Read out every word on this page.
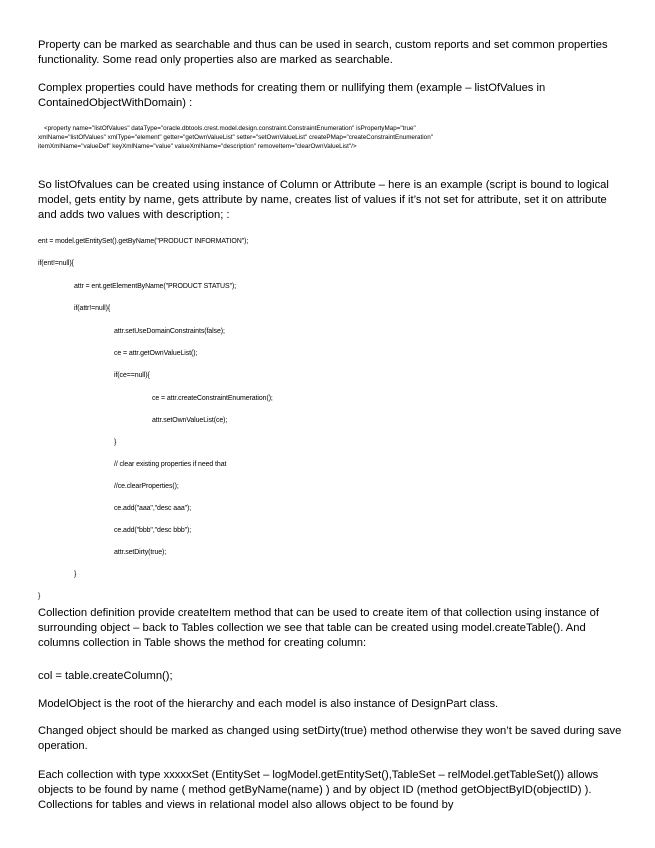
Property can be marked as searchable and thus can be used in search, custom reports and set common properties functionality. Some read only properties also are marked as searchable.

Complex properties could have methods for creating them or nullifying them (example – listOfValues in ContainedObjectWithDomain) :

<property name="listOfValues" dataType="oracle.dbtools.crest.model.design.constraint.ConstraintEnumeration" isPropertyMap="true"
xmlName="listOfValues" xmlType="element" getter="getOwnValueList" setter="setOwnValueList" createPMap="createConstraintEnumeration"
itemXmlName="valueDef" keyXmlName="value" valueXmlName="description" removeItem="clearOwnValueList"/>

So listOfvalues can be created using instance of Column or Attribute – here is an example (script is bound to logical model, gets entity by name, gets attribute by name, creates list of values if it’s not set for attribute, set it on attribute and adds two values with description; :

ent = model.getEntitySet().getByName("PRODUCT INFORMATION");
if(ent!=null){
attr = ent.getElementByName("PRODUCT STATUS");
if(attr!=null){
attr.setUseDomainConstraints(false);
ce = attr.getOwnValueList();
if(ce==null){
ce = attr.createConstraintEnumeration();
attr.setOwnValueList(ce);
}
// clear existing properties if need that
//ce.clearProperties();
ce.add("aaa","desc aaa");
ce.add("bbb","desc bbb");
attr.setDirty(true);
}
}

Collection definition provide createItem method that can be used to create item of that collection using instance of surrounding object – back to Tables collection we see that table can be created using model.createTable(). And columns collection in Table shows the method for creating column:

col = table.createColumn();

ModelObject is the root of the hierarchy and each model is also instance of DesignPart class.

Changed object should be marked as changed using setDirty(true) method otherwise they won’t be saved during save operation.

Each collection with type xxxxxSet (EntitySet – logModel.getEntitySet(),TableSet – relModel.getTableSet()) allows objects to be found by name ( method getByName(name) ) and by object ID (method getObjectByID(objectID) ). Collections for tables and views in relational model also allows object to be found by
